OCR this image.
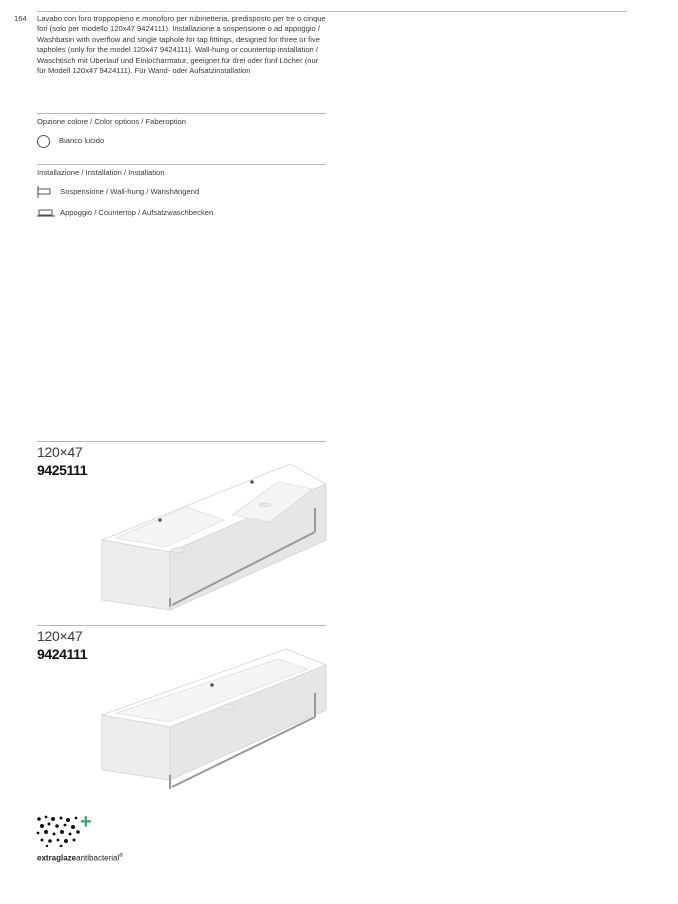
164 Lavabo con foro troppopieno e monoforo per rubinetteria, predisposto per tre o cinque fori (solo per modello 120x47 9424111). Installazione a sospensione o ad appoggio /
Washbasin with overflow and single taphole for tap fittings, designed for three or five tapholes (only for the model 120x47 9424111). Wall-hung or countertop installation /
Waschtisch mit Überlauf und Einlocharmatur, geeignet für drei oder fünf Löcher (nur für Modell 120x47 9424111). Für Wand- oder Aufsatzinstallation
Opzione colore / Color options / Faberoption
Bianco lucido
Installazione / Installation / Installation
Sospensione / Wall-hung / Wanshängend
Appoggio / Countertop / Aufsatzwaschbecken
120×47
9425111
120×47
9424111
+
extraglazeantibacterial®
